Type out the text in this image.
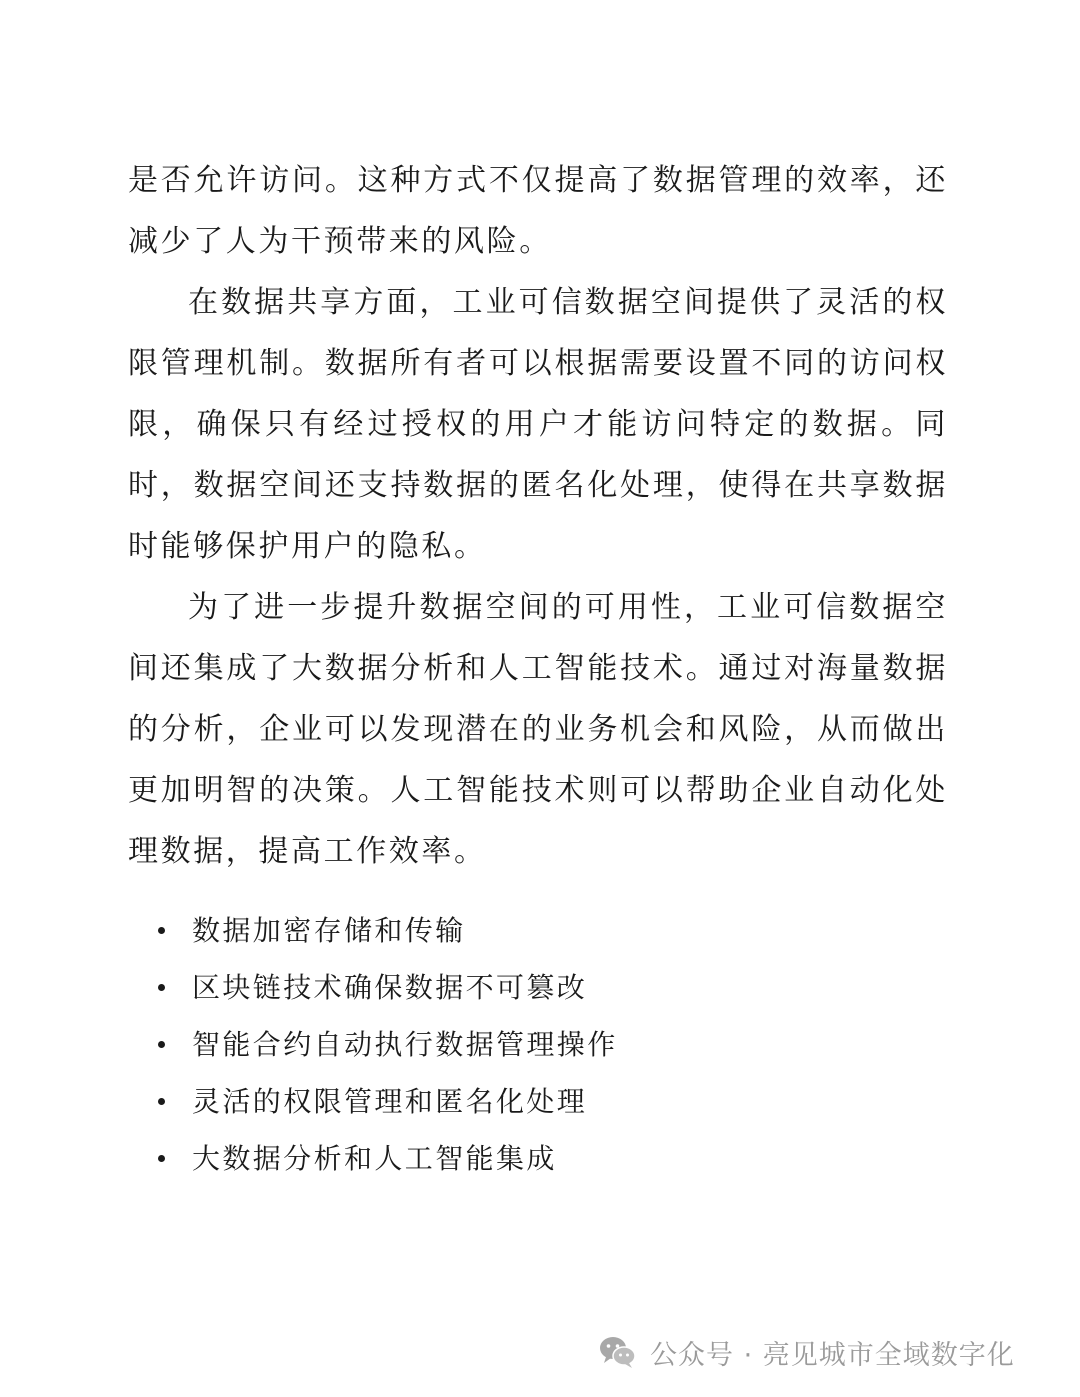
是否允许访问。这种方式不仅提高了数据管理的效率，还减少了人为干预带来的风险。

在数据共享方面，工业可信数据空间提供了灵活的权限管理机制。数据所有者可以根据需要设置不同的访问权限，确保只有经过授权的用户才能访问特定的数据。同时，数据空间还支持数据的匿名化处理，使得在共享数据时能够保护用户的隐私。

为了进一步提升数据空间的可用性，工业可信数据空间还集成了大数据分析和人工智能技术。通过对海量数据的分析，企业可以发现潜在的业务机会和风险，从而做出更加明智的决策。人工智能技术则可以帮助企业自动化处理数据，提高工作效率。

数据加密存储和传输
区块链技术确保数据不可篡改
智能合约自动执行数据管理操作
灵活的权限管理和匿名化处理
大数据分析和人工智能集成
公众号 · 亮见城市全域数字化
